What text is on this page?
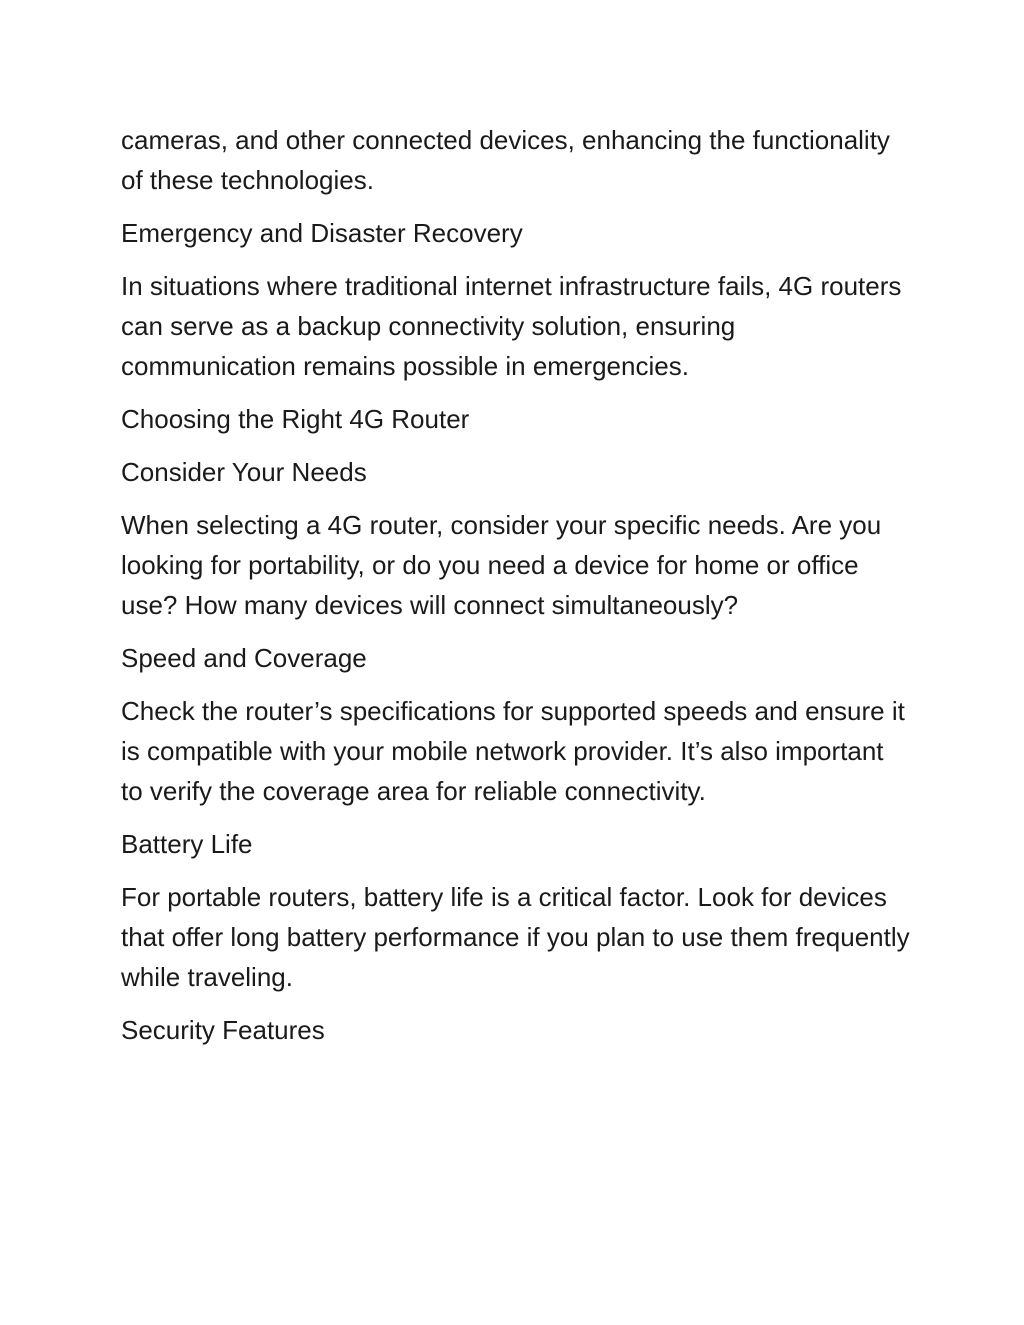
cameras, and other connected devices, enhancing the functionality of these technologies.

Emergency and Disaster Recovery

In situations where traditional internet infrastructure fails, 4G routers can serve as a backup connectivity solution, ensuring communication remains possible in emergencies.

Choosing the Right 4G Router

Consider Your Needs

When selecting a 4G router, consider your specific needs. Are you looking for portability, or do you need a device for home or office use? How many devices will connect simultaneously?

Speed and Coverage

Check the router’s specifications for supported speeds and ensure it is compatible with your mobile network provider. It’s also important to verify the coverage area for reliable connectivity.

Battery Life

For portable routers, battery life is a critical factor. Look for devices that offer long battery performance if you plan to use them frequently while traveling.

Security Features
